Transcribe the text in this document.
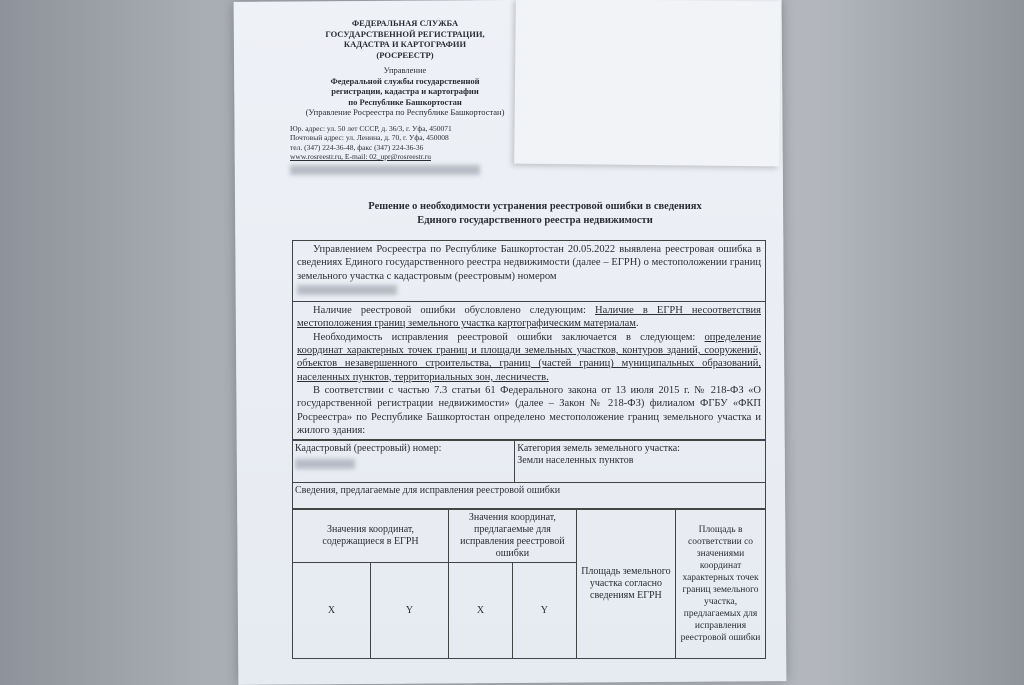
ФЕДЕРАЛЬНАЯ СЛУЖБА
ГОСУДАРСТВЕННОЙ РЕГИСТРАЦИИ,
КАДАСТРА И КАРТОГРАФИИ
(РОСРЕЕСТР)
Управление
Федеральной службы государственной
регистрации, кадастра и картографии
по Республике Башкортостан
(Управление Росреестра по Республике Башкортостан)
Юр. адрес: ул. 50 лет СССР, д. 36/3, г. Уфа, 450071
Почтовый адрес: ул. Ленина, д. 70, г. Уфа, 450008
тел. (347) 224-36-48, факс (347) 224-36-36
www.rosreestr.ru, E-mail: 02_upr@rosreestr.ru
Решение о необходимости устранения реестровой ошибки в сведениях
Единого государственного реестра недвижимости

Управлением Росреестра по Республике Башкортостан 20.05.2022 выявлена реестровая ошибка в сведениях Единого государственного реестра недвижимости (далее – ЕГРН) о местоположении границ земельного участка с кадастровым (реестровым) номером

Наличие реестровой ошибки обусловлено следующим: Наличие в ЕГРН несоответствия местоположения границ земельного участка картографическим материалам.

Необходимость исправления реестровой ошибки заключается в следующем: определение координат характерных точек границ и площади земельных участков, контуров зданий, сооружений, объектов незавершенного строительства, границ (частей границ) муниципальных образований, населенных пунктов, территориальных зон, лесничеств.

В соответствии с частью 7.3 статьи 61 Федерального закона от 13 июля 2015 г. № 218-ФЗ «О государственной регистрации недвижимости» (далее – Закон № 218-ФЗ) филиалом ФГБУ «ФКП Росреестра» по Республике Башкортостан определено местоположение границ земельного участка и жилого здания:

Кадастровый (реестровый) номер:	Категория земель земельного участка:
Земли населенных пунктов

Сведения, предлагаемые для исправления реестровой ошибки
Значения координат, содержащиеся в ЕГРН		Значения координат, предлагаемые для исправления реестровой ошибки		Площадь земельного участка согласно сведениям ЕГРН	Площадь в соответствии со значениями координат характерных точек границ земельного участка, предлагаемых для исправления реестровой ошибки
X	Y	X	Y		
